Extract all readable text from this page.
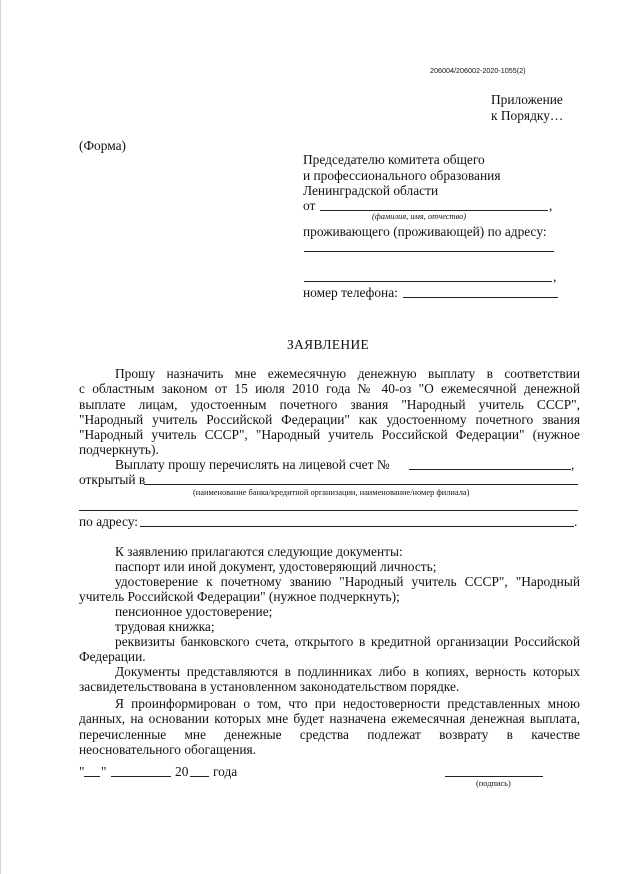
206004/206002-2020-1055(2)
Приложение
к Порядку…
(Форма)
Председателю комитета общего
и профессионального образования
Ленинградской области
от	,
(фамилия, имя, отчество)
проживающего (проживающей) по адресу:
,
номер телефона:
ЗАЯВЛЕНИЕ
Прошу назначить мне ежемесячную денежную выплату в соответствии
с областным законом от 15 июля 2010 года № 40-оз "О ежемесячной денежной
выплате лицам, удостоенным почетного звания "Народный учитель СССР",
"Народный учитель Российской Федерации" как удостоенному почетного звания
"Народный учитель СССР", "Народный учитель Российской Федерации" (нужное
подчеркнуть).
Выплату прошу перечислять на лицевой счет №	,
открытый в
(наименование банка/кредитной организации, наименование/номер филиала)
по адресу:	.
К заявлению прилагаются следующие документы:
паспорт или иной документ, удостоверяющий личность;
удостоверение к почетному званию "Народный учитель СССР", "Народный
учитель Российской Федерации" (нужное подчеркнуть);
пенсионное удостоверение;
трудовая книжка;
реквизиты банковского счета, открытого в кредитной организации Российской
Федерации.
Документы представляются в подлинниках либо в копиях, верность которых
засвидетельствована в установленном законодательством порядке.
Я проинформирован о том, что при недостоверности представленных мною
данных, на основании которых мне будет назначена ежемесячная денежная выплата,
перечисленные мне денежные средства подлежат возврату в качестве
неосновательного обогащения.
" "	20 года
(подпись)
